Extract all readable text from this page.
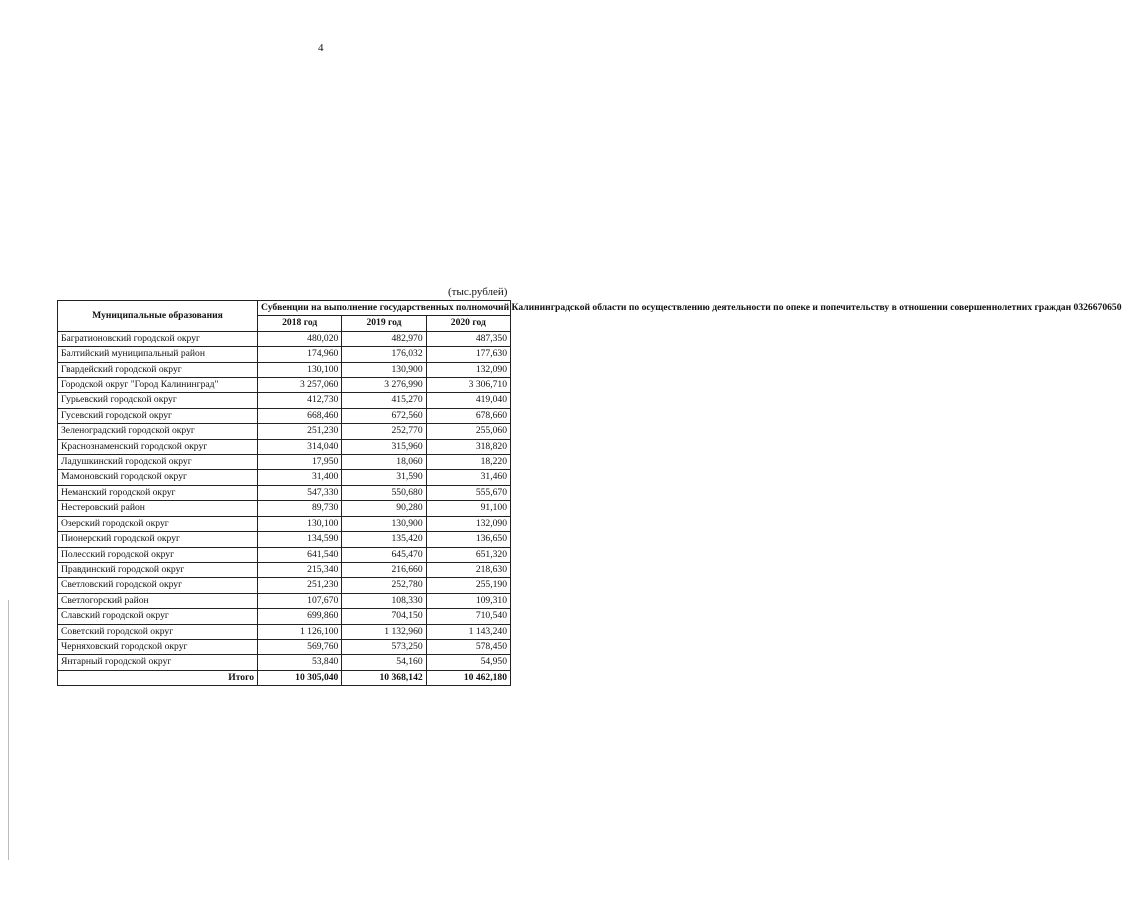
4
(тыс.рублей)
Муниципальные образования	Субвенции на выполнение государственных полномочий Калининградской области по осуществлению деятельности по опеке и попечительству в отношении совершеннолетних граждан 0326670650		
	2018 год	2019 год	2020 год
Багратионовский городской округ	480,020	482,970	487,350
Балтийский муниципальный район	174,960	176,032	177,630
Гвардейский городской округ	130,100	130,900	132,090
Городской округ "Город Калининград"	3 257,060	3 276,990	3 306,710
Гурьевский городской округ	412,730	415,270	419,040
Гусевский городской округ	668,460	672,560	678,660
Зеленоградский городской округ	251,230	252,770	255,060
Краснознаменский городской округ	314,040	315,960	318,820
Ладушкинский городской округ	17,950	18,060	18,220
Мамоновский городской округ	31,400	31,590	31,460
Неманский городской округ	547,330	550,680	555,670
Нестеровский район	89,730	90,280	91,100
Озерский городской округ	130,100	130,900	132,090
Пионерский городской округ	134,590	135,420	136,650
Полесский городской округ	641,540	645,470	651,320
Правдинский городской округ	215,340	216,660	218,630
Светловский городской округ	251,230	252,780	255,190
Светлогорский район	107,670	108,330	109,310
Славский городской округ	699,860	704,150	710,540
Советский городской округ	1 126,100	1 132,960	1 143,240
Черняховский городской округ	569,760	573,250	578,450
Янтарный городской округ	53,840	54,160	54,950
Итого	10 305,040	10 368,142	10 462,180
